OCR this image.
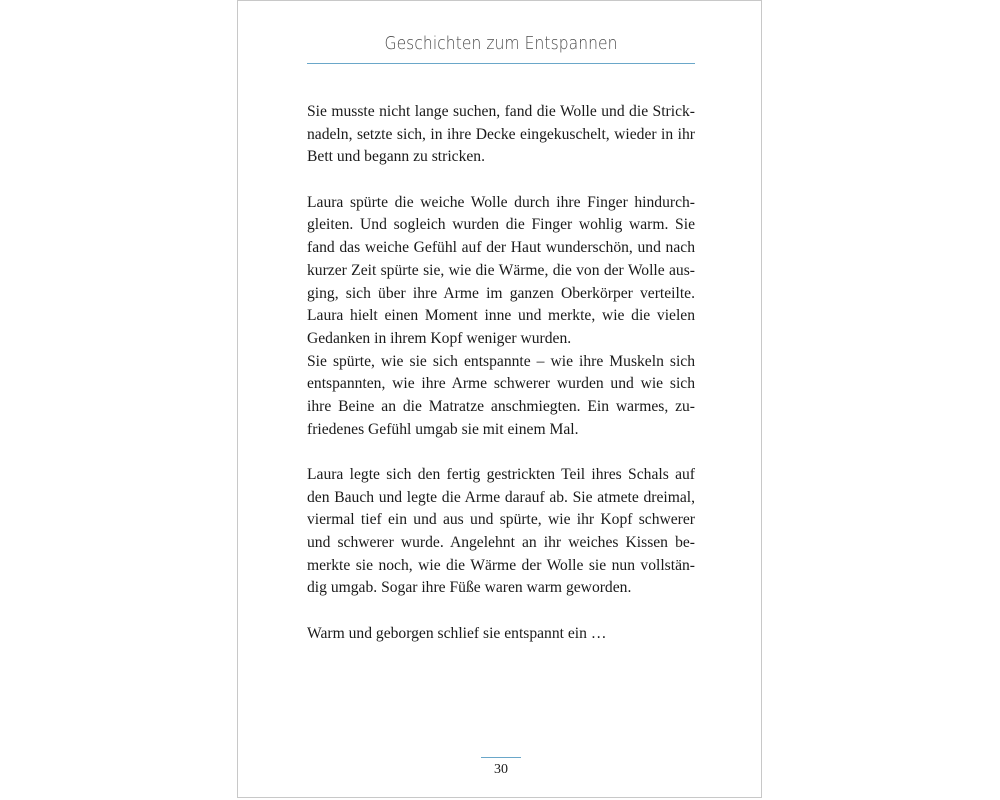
Geschichten zum Entspannen
Sie musste nicht lange suchen, fand die Wolle und die Strick-
nadeln, setzte sich, in ihre Decke eingekuschelt, wieder in ihr
Bett und begann zu stricken.
Laura spürte die weiche Wolle durch ihre Finger hindurch-
gleiten. Und sogleich wurden die Finger wohlig warm. Sie
fand das weiche Gefühl auf der Haut wunderschön, und nach
kurzer Zeit spürte sie, wie die Wärme, die von der Wolle aus-
ging, sich über ihre Arme im ganzen Oberkörper verteilte.
Laura hielt einen Moment inne und merkte, wie die vielen
Gedanken in ihrem Kopf weniger wurden.
Sie spürte, wie sie sich entspannte – wie ihre Muskeln sich
entspannten, wie ihre Arme schwerer wurden und wie sich
ihre Beine an die Matratze anschmiegten. Ein warmes, zu-
friedenes Gefühl umgab sie mit einem Mal.
Laura legte sich den fertig gestrickten Teil ihres Schals auf
den Bauch und legte die Arme darauf ab. Sie atmete dreimal,
viermal tief ein und aus und spürte, wie ihr Kopf schwerer
und schwerer wurde. Angelehnt an ihr weiches Kissen be-
merkte sie noch, wie die Wärme der Wolle sie nun vollstän-
dig umgab. Sogar ihre Füße waren warm geworden.
Warm und geborgen schlief sie entspannt ein …
30
